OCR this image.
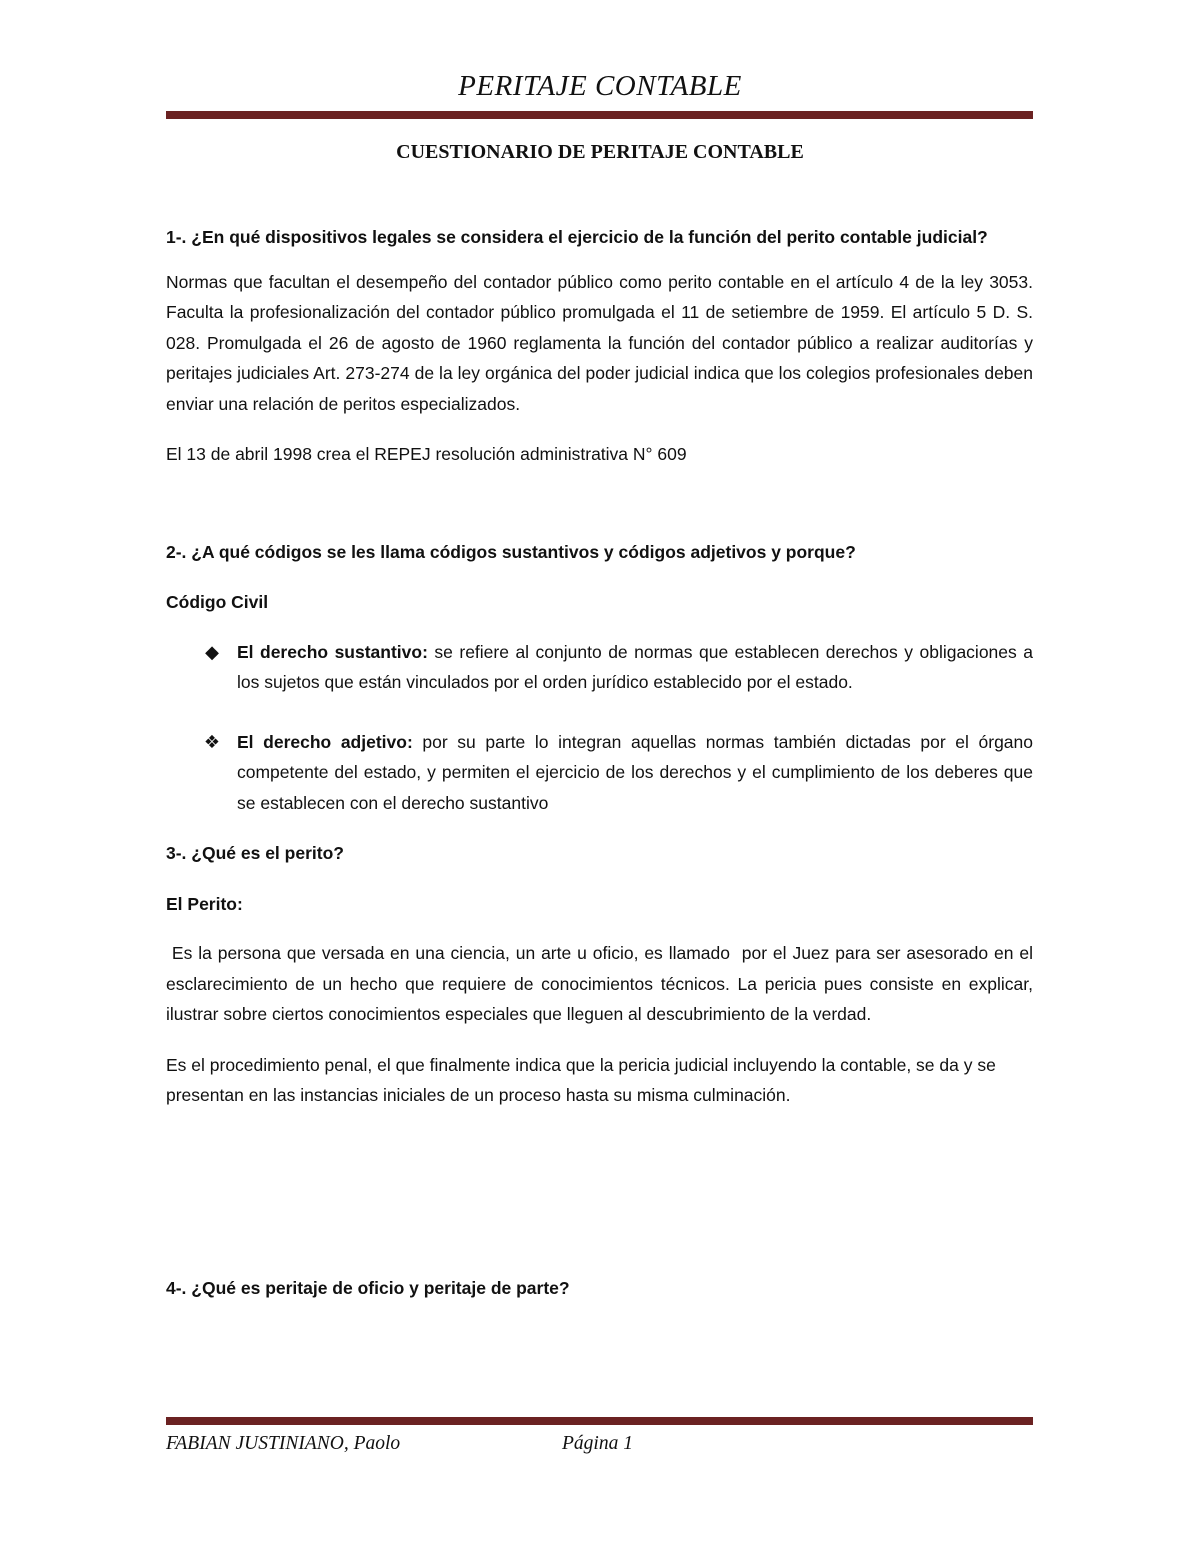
PERITAJE CONTABLE
CUESTIONARIO DE PERITAJE CONTABLE

1-. ¿En qué dispositivos legales se considera el ejercicio de la función del perito contable judicial?

Normas que facultan el desempeño del contador público como perito contable en el artículo 4 de la ley 3053. Faculta la profesionalización del contador público promulgada el 11 de setiembre de 1959. El artículo 5 D. S. 028. Promulgada el 26 de agosto de 1960 reglamenta la función del contador público a realizar auditorías y peritajes judiciales Art. 273-274 de la ley orgánica del poder judicial indica que los colegios profesionales deben enviar una relación de peritos especializados.

El 13 de abril 1998 crea el REPEJ resolución administrativa N° 609

2-. ¿A qué códigos se les llama códigos sustantivos y códigos adjetivos y porque?

Código Civil

◆ El derecho sustantivo: se refiere al conjunto de normas que establecen derechos y obligaciones a los sujetos que están vinculados por el orden jurídico establecido por el estado.
❖ El derecho adjetivo: por su parte lo integran aquellas normas también dictadas por el órgano competente del estado, y permiten el ejercicio de los derechos y el cumplimiento de los deberes que se establecen con el derecho sustantivo

3-. ¿Qué es el perito?

El Perito:

Es la persona que versada en una ciencia, un arte u oficio, es llamado  por el Juez para ser asesorado en el esclarecimiento de un hecho que requiere de conocimientos técnicos. La pericia pues consiste en explicar, ilustrar sobre ciertos conocimientos especiales que lleguen al descubrimiento de la verdad.

Es el procedimiento penal, el que finalmente indica que la pericia judicial incluyendo la contable, se da y se presentan en las instancias iniciales de un proceso hasta su misma culminación.

4-. ¿Qué es peritaje de oficio y peritaje de parte?

FABIAN JUSTINIANO, Paolo	Página 1
